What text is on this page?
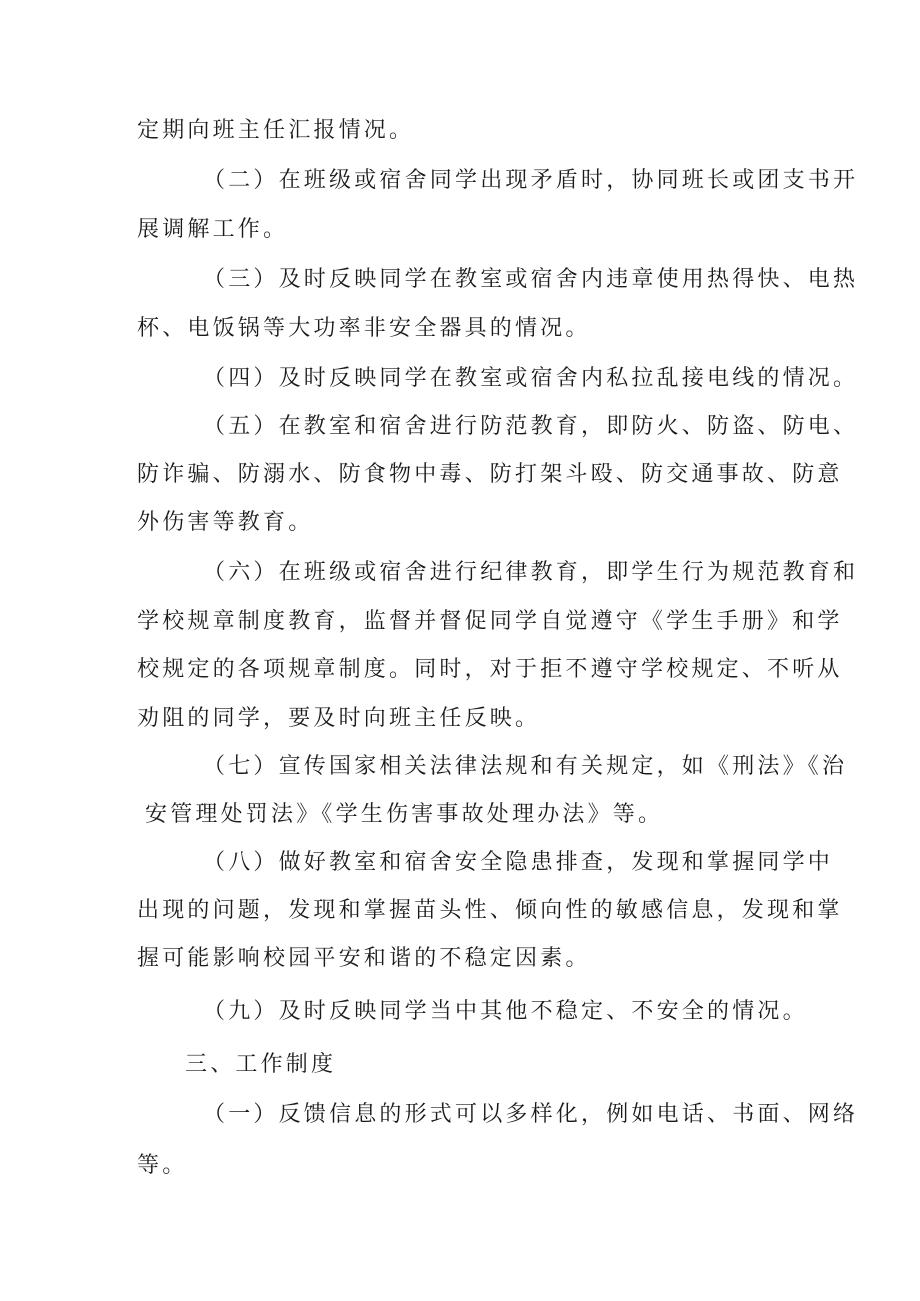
定期向班主任汇报情况。
（二）在班级或宿舍同学出现矛盾时，协同班长或团支书开
展调解工作。
（三）及时反映同学在教室或宿舍内违章使用热得快、电热
杯、电饭锅等大功率非安全器具的情况。
（四）及时反映同学在教室或宿舍内私拉乱接电线的情况。
（五）在教室和宿舍进行防范教育，即防火、防盗、防电、
防诈骗、防溺水、防食物中毒、防打架斗殴、防交通事故、防意
外伤害等教育。
（六）在班级或宿舍进行纪律教育，即学生行为规范教育和
学校规章制度教育，监督并督促同学自觉遵守《学生手册》和学
校规定的各项规章制度。同时，对于拒不遵守学校规定、不听从
劝阻的同学，要及时向班主任反映。
（七）宣传国家相关法律法规和有关规定，如《刑法》《治
安管理处罚法》《学生伤害事故处理办法》等。
（八）做好教室和宿舍安全隐患排查，发现和掌握同学中
出现的问题，发现和掌握苗头性、倾向性的敏感信息，发现和掌
握可能影响校园平安和谐的不稳定因素。
（九）及时反映同学当中其他不稳定、不安全的情况。
三、工作制度
（一）反馈信息的形式可以多样化，例如电话、书面、网络
等。
